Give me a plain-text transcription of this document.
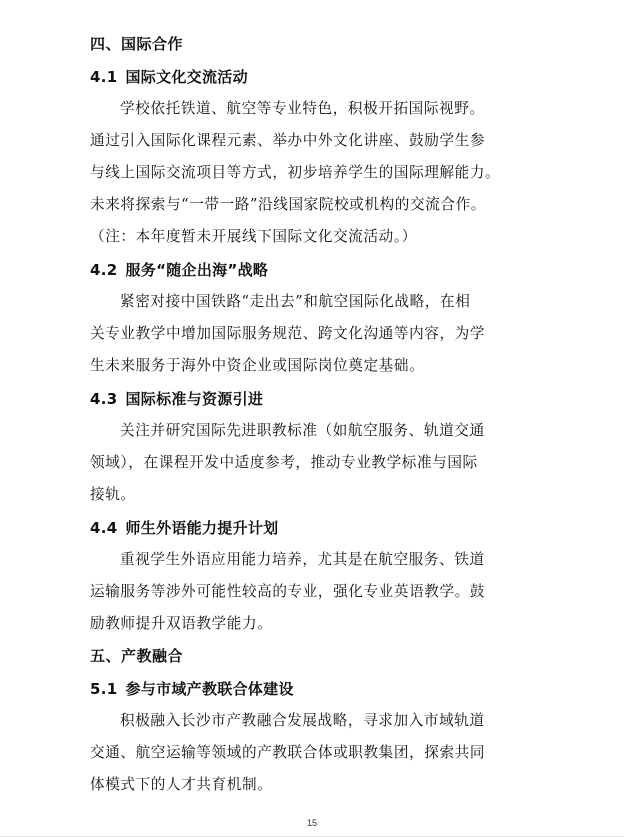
四、国际合作
4.1 国际文化交流活动
学校依托铁道、航空等专业特色，积极开拓国际视野。
通过引入国际化课程元素、举办中外文化讲座、鼓励学生参
与线上国际交流项目等方式，初步培养学生的国际理解能力。
未来将探索与“一带一路”沿线国家院校或机构的交流合作。
（注：本年度暂未开展线下国际文化交流活动。）
4.2 服务“随企出海”战略
紧密对接中国铁路“走出去”和航空国际化战略，在相
关专业教学中增加国际服务规范、跨文化沟通等内容，为学
生未来服务于海外中资企业或国际岗位奠定基础。
4.3 国际标准与资源引进
关注并研究国际先进职教标准（如航空服务、轨道交通
领域），在课程开发中适度参考，推动专业教学标准与国际
接轨。
4.4 师生外语能力提升计划
重视学生外语应用能力培养，尤其是在航空服务、铁道
运输服务等涉外可能性较高的专业，强化专业英语教学。鼓
励教师提升双语教学能力。
五、产教融合
5.1 参与市域产教联合体建设
积极融入长沙市产教融合发展战略，寻求加入市域轨道
交通、航空运输等领域的产教联合体或职教集团，探索共同
体模式下的人才共育机制。
15
